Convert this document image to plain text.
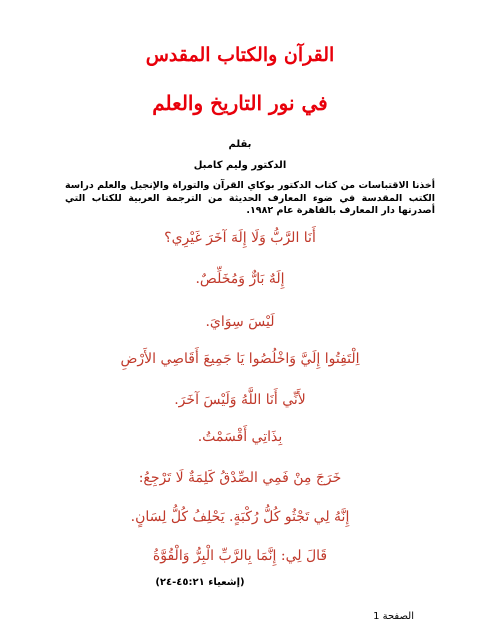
القرآن والكتاب المقدس
في نور التاريخ والعلم
بقلم
الدكتور وليم كامبل
أخذنا الاقتباسات من كتاب الدكتور بوكاي القرآن والتوراة والإنجيل والعلم دراسة الكتب المقدسة في ضوء المعارف الحديثة من الترجمة العربية للكتاب التي أصدرتها دار المعارف بالقاهرة عام ١٩٨٢.
أَنَا الرَّبُّ وَلَا إِلَهَ آخَرَ غَيْرِي؟
إِلَهٌ بَارٌّ وَمُخَلِّصٌ.
لَيْسَ سِوَايَ.
اِلْتَفِتُوا إِلَيَّ وَاخْلُصُوا يَا جَمِيعَ أَقَاصِي الأَرْضِ
لأَنِّي أَنَا اللَّهُ وَلَيْسَ آخَرَ.
بِذَاتِي أَقْسَمْتُ.
خَرَجَ مِنْ فَمِي الصِّدْقُ كَلِمَةٌ لَا تَرْجِعُ:
إِنَّهُ لِي تَجْثُو كُلُّ رُكْبَةٍ. يَحْلِفُ كُلُّ لِسَانٍ.
قَالَ لِي: إِنَّمَا بِالرَّبِّ الْبِرُّ وَالْقُوَّةُ
(إشعياء ٤٥:٢١-٢٤)
الصفحة 1
